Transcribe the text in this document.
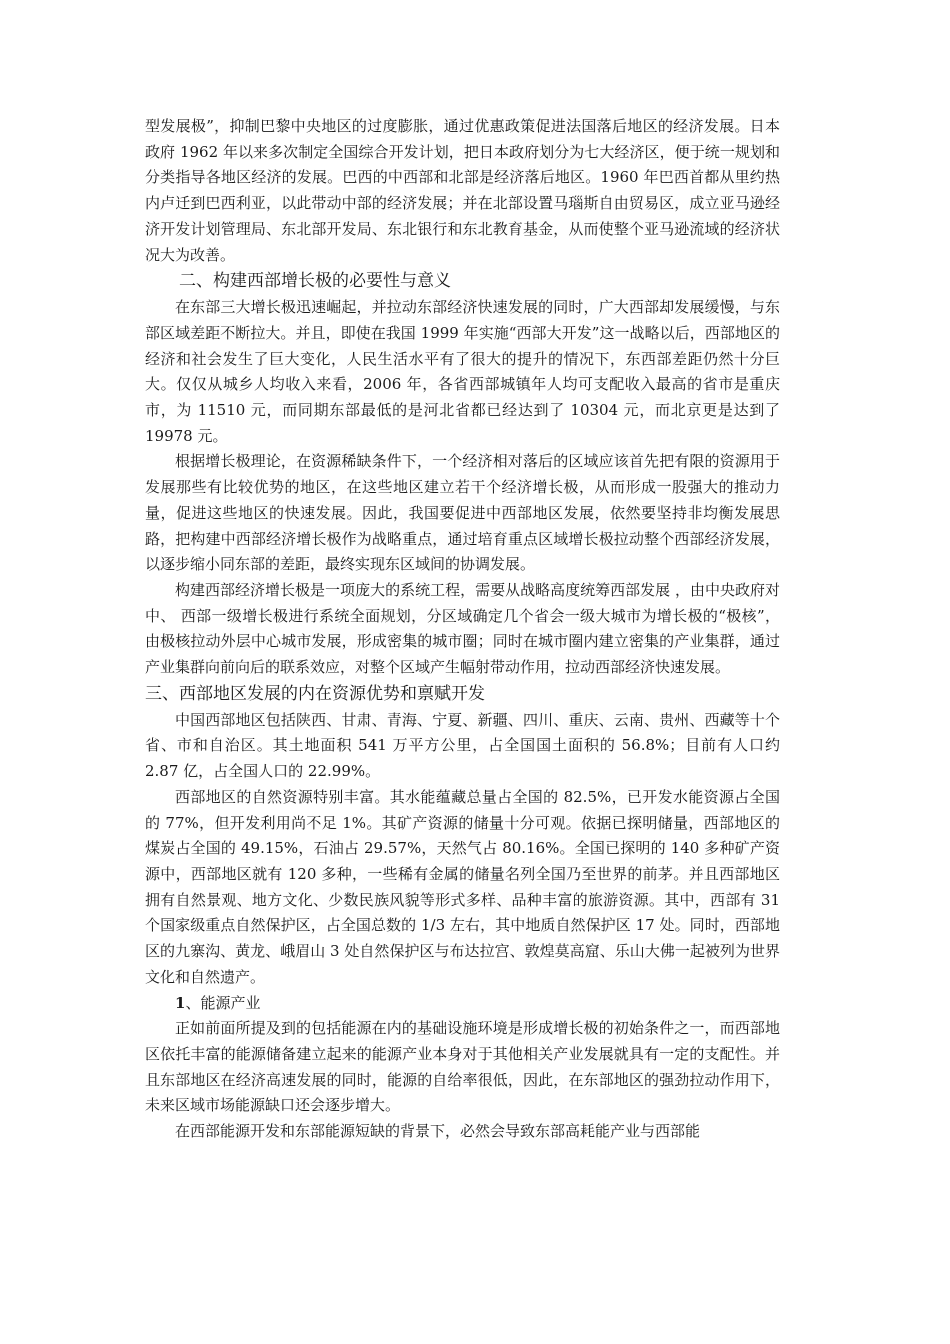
型发展极”，抑制巴黎中央地区的过度膨胀，通过优惠政策促进法国落后地区的经济发展。日本政府 1962 年以来多次制定全国综合开发计划，把日本政府划分为七大经济区，便于统一规划和分类指导各地区经济的发展。巴西的中西部和北部是经济落后地区。1960 年巴西首都从里约热内卢迁到巴西利亚，以此带动中部的经济发展；并在北部设置马瑙斯自由贸易区，成立亚马逊经济开发计划管理局、东北部开发局、东北银行和东北教育基金，从而使整个亚马逊流域的经济状况大为改善。

二、构建西部增长极的必要性与意义

在东部三大增长极迅速崛起，并拉动东部经济快速发展的同时，广大西部却发展缓慢，与东部区域差距不断拉大。并且，即使在我国 1999 年实施“西部大开发”这一战略以后，西部地区的经济和社会发生了巨大变化，人民生活水平有了很大的提升的情况下，东西部差距仍然十分巨大。仅仅从城乡人均收入来看，2006 年，各省西部城镇年人均可支配收入最高的省市是重庆市，为 11510 元，而同期东部最低的是河北省都已经达到了 10304 元，而北京更是达到了 19978 元。

根据增长极理论，在资源稀缺条件下，一个经济相对落后的区域应该首先把有限的资源用于发展那些有比较优势的地区，在这些地区建立若干个经济增长极，从而形成一股强大的推动力量，促进这些地区的快速发展。因此，我国要促进中西部地区发展，依然要坚持非均衡发展思路，把构建中西部经济增长极作为战略重点，通过培育重点区域增长极拉动整个西部经济发展，以逐步缩小同东部的差距，最终实现东区域间的协调发展。

构建西部经济增长极是一项庞大的系统工程，需要从战略高度统筹西部发展 ，由中央政府对中、 西部一级增长极进行系统全面规划，分区域确定几个省会一级大城市为增长极的“极核”，由极核拉动外层中心城市发展，形成密集的城市圈；同时在城市圈内建立密集的产业集群，通过产业集群向前向后的联系效应，对整个区域产生幅射带动作用，拉动西部经济快速发展。

三、西部地区发展的内在资源优势和禀赋开发

中国西部地区包括陕西、甘肃、青海、宁夏、新疆、四川、重庆、云南、贵州、西藏等十个省、市和自治区。其土地面积 541 万平方公里，占全国国土面积的 56.8%；目前有人口约 2.87 亿，占全国人口的 22.99%。

西部地区的自然资源特别丰富。其水能蕴藏总量占全国的 82.5%，已开发水能资源占全国的 77%，但开发利用尚不足 1%。其矿产资源的储量十分可观。依据已探明储量，西部地区的煤炭占全国的 49.15%，石油占 29.57%，天然气占 80.16%。全国已探明的 140 多种矿产资源中，西部地区就有 120 多种，一些稀有金属的储量名列全国乃至世界的前茅。并且西部地区拥有自然景观、地方文化、少数民族风貌等形式多样、品种丰富的旅游资源。其中，西部有 31 个国家级重点自然保护区，占全国总数的 1/3 左右，其中地质自然保护区 17 处。同时，西部地区的九寨沟、黄龙、峨眉山 3 处自然保护区与布达拉宫、敦煌莫高窟、乐山大佛一起被列为世界文化和自然遗产。

1、能源产业

正如前面所提及到的包括能源在内的基础设施环境是形成增长极的初始条件之一，而西部地区依托丰富的能源储备建立起来的能源产业本身对于其他相关产业发展就具有一定的支配性。并且东部地区在经济高速发展的同时，能源的自给率很低，因此，在东部地区的强劲拉动作用下，未来区域市场能源缺口还会逐步增大。

在西部能源开发和东部能源短缺的背景下，必然会导致东部高耗能产业与西部能
